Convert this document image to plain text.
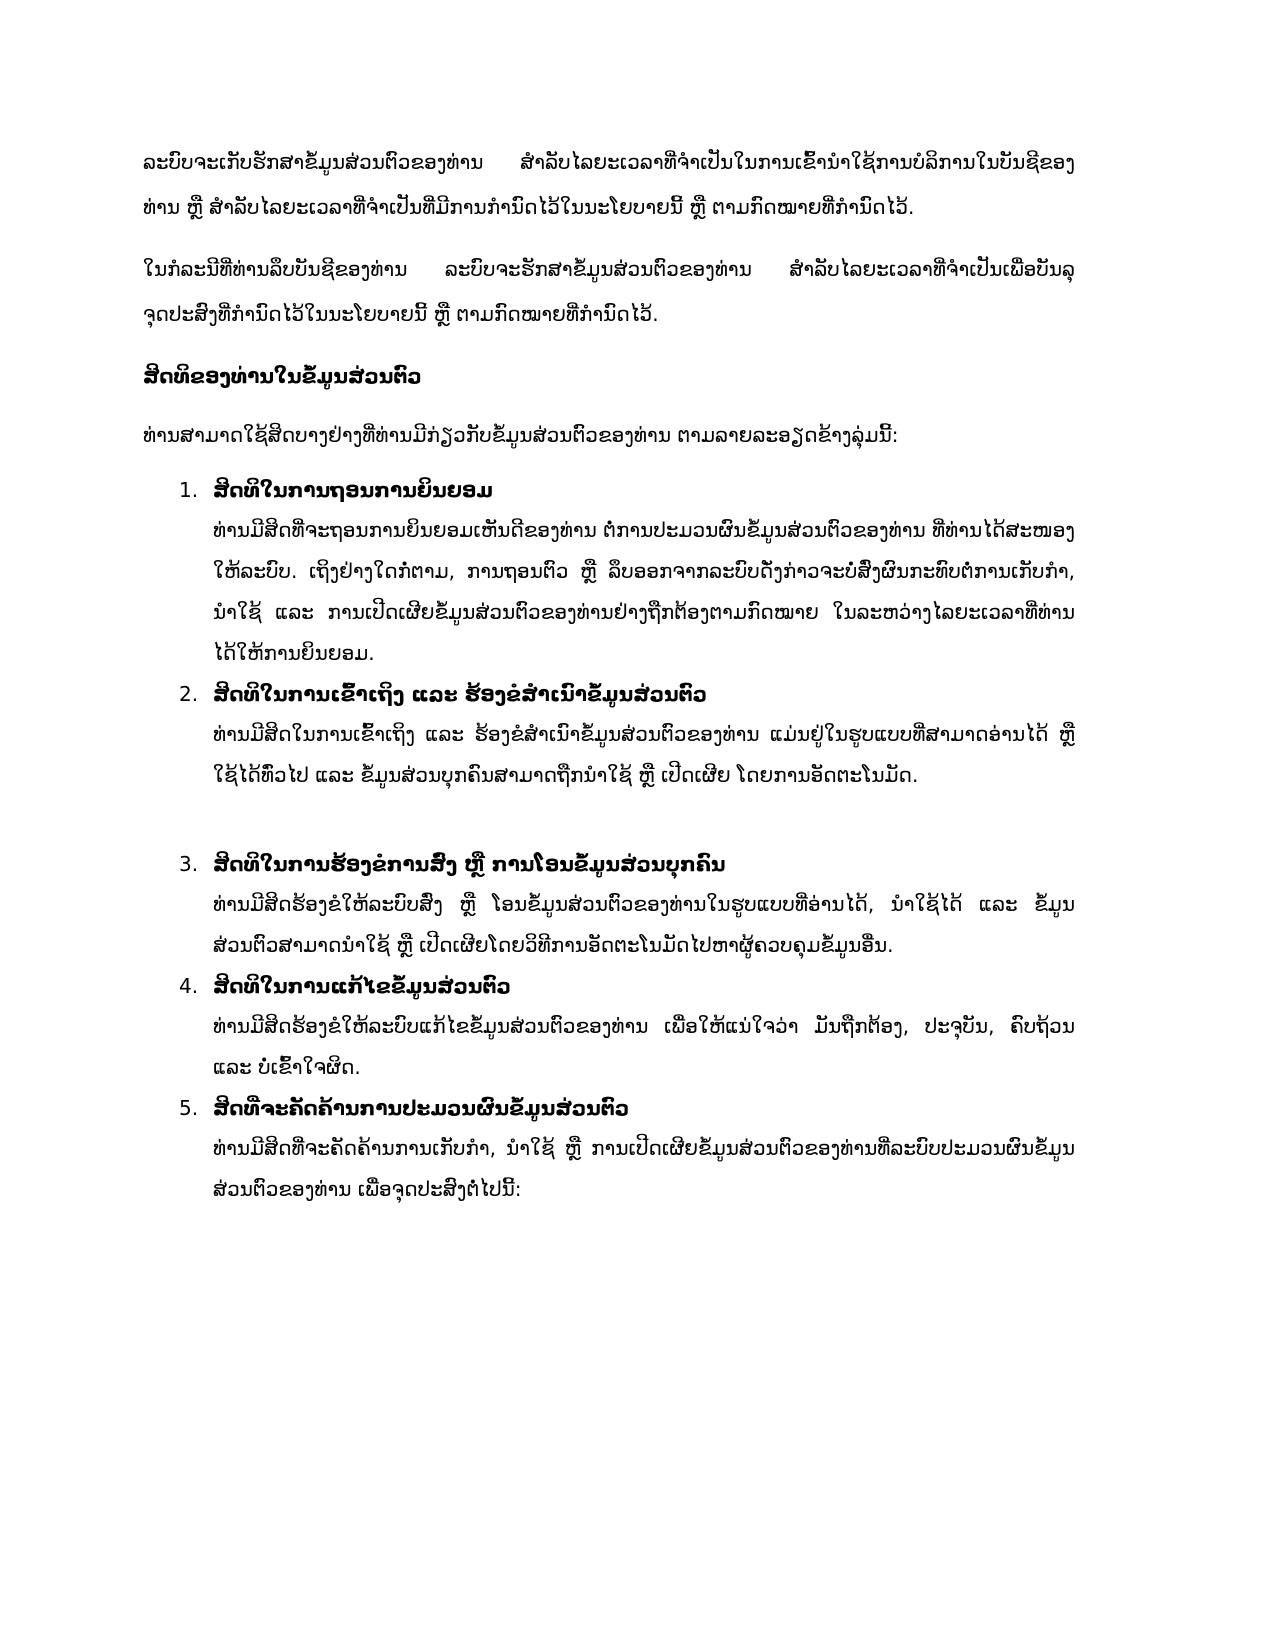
ລະບົບຈະເກັບຮັກສາຂໍ້ມູນສ່ວນຕົວຂອງທ່ານ ສຳລັບໄລຍະເວລາທີ່ຈຳເປັນໃນການເຂົ້ານຳໃຊ້ການບໍລິການໃນບັນຊີຂອງທ່ານ ຫຼື ສຳລັບໄລຍະເວລາທີ່ຈຳເປັນທີ່ມີການກຳນົດໄວ້ໃນນະໂຍບາຍນີ້ ຫຼື ຕາມກົດໝາຍທີ່ກຳນົດໄວ້.

ໃນກໍລະນີທີ່ທ່ານລຶບບັນຊີຂອງທ່ານ ລະບົບຈະຮັກສາຂໍ້ມູນສ່ວນຕົວຂອງທ່ານ ສຳລັບໄລຍະເວລາທີ່ຈຳເປັນເພື່ອບັນລຸຈຸດປະສົງທີ່ກຳນົດໄວ້ໃນນະໂຍບາຍນີ້ ຫຼື ຕາມກົດໝາຍທີ່ກຳນົດໄວ້.

ສິດທິຂອງທ່ານໃນຂໍ້ມູນສ່ວນຕົວ

ທ່ານສາມາດໃຊ້ສິດບາງຢ່າງທີ່ທ່ານມີກ່ຽວກັບຂໍ້ມູນສ່ວນຕົວຂອງທ່ານ ຕາມລາຍລະອຽດຂ້າງລຸ່ມນີ້:

1. ສິດທິໃນການຖອນການຍິນຍອມ
ທ່ານມີສິດທີ່ຈະຖອນການຍິນຍອມເຫັນດີຂອງທ່ານ ຕໍ່ການປະມວນຜົນຂໍ້ມູນສ່ວນຕົວຂອງທ່ານ ທີ່ທ່ານໄດ້ສະໜອງໃຫ້ລະບົບ. ເຖິງຢ່າງໃດກໍ່ຕາມ, ການຖອນຕົວ ຫຼື ລຶບອອກຈາກລະບົບດັ່ງກ່າວຈະບໍ່ສົ່ງຜົນກະທົບຕໍ່ການເກັບກຳ, ນຳໃຊ້ ແລະ ການເປີດເຜີຍຂໍ້ມູນສ່ວນຕົວຂອງທ່ານຢ່າງຖືກຕ້ອງຕາມກົດໝາຍ ໃນລະຫວ່າງໄລຍະເວລາທີ່ທ່ານໄດ້ໃຫ້ການຍິນຍອມ.
2. ສິດທິໃນການເຂົ້າເຖິງ ແລະ ຮ້ອງຂໍສຳເນົາຂໍ້ມູນສ່ວນຕົວ
ທ່ານມີສິດໃນການເຂົ້າເຖິງ ແລະ ຮ້ອງຂໍສຳເນົາຂໍ້ມູນສ່ວນຕົວຂອງທ່ານ ແມ່ນຢູ່ໃນຮູບແບບທີ່ສາມາດອ່ານໄດ້ ຫຼື ໃຊ້ໄດ້ທົ່ວໄປ ແລະ ຂໍ້ມູນສ່ວນບຸກຄົນສາມາດຖືກນຳໃຊ້ ຫຼື ເປີດເຜີຍ ໂດຍການອັດຕະໂນມັດ.
3. ສິດທິໃນການຮ້ອງຂໍການສົ່ງ ຫຼື ການໂອນຂໍ້ມູນສ່ວນບຸກຄົນ
ທ່ານມີສິດຮ້ອງຂໍໃຫ້ລະບົບສົ່ງ ຫຼື ໂອນຂໍ້ມູນສ່ວນຕົວຂອງທ່ານໃນຮູບແບບທີ່ອ່ານໄດ້, ນຳໃຊ້ໄດ້ ແລະ ຂໍ້ມູນສ່ວນຕົວສາມາດນຳໃຊ້ ຫຼື ເປີດເຜີຍໂດຍວິທີການອັດຕະໂນມັດໄປຫາຜູ້ຄວບຄຸມຂໍ້ມູນອື່ນ.
4. ສິດທິໃນການແກ້ໄຂຂໍ້ມູນສ່ວນຕົວ
ທ່ານມີສິດຮ້ອງຂໍໃຫ້ລະບົບແກ້ໄຂຂໍ້ມູນສ່ວນຕົວຂອງທ່ານ ເພື່ອໃຫ້ແນ່ໃຈວ່າ ມັນຖືກຕ້ອງ, ປະຈຸບັນ, ຄົບຖ້ວນ ແລະ ບໍ່ເຂົ້າໃຈຜິດ.
5. ສິດທີ່ຈະຄັດຄ້ານການປະມວນຜົນຂໍ້ມູນສ່ວນຕົວ
ທ່ານມີສິດທີ່ຈະຄັດຄ້ານການເກັບກຳ, ນຳໃຊ້ ຫຼື ການເປີດເຜີຍຂໍ້ມູນສ່ວນຕົວຂອງທ່ານທີ່ລະບົບປະມວນຜົນຂໍ້ມູນສ່ວນຕົວຂອງທ່ານ ເພື່ອຈຸດປະສົງຕໍ່ໄປນີ້:
